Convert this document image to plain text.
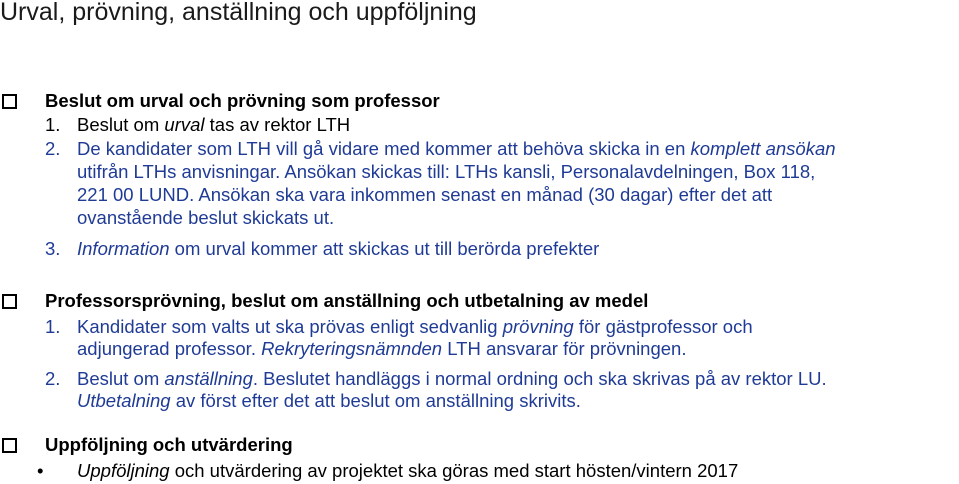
Urval, prövning, anställning och uppföljning
Beslut om urval och prövning som professor
1. Beslut om urval tas av rektor LTH
2. De kandidater som LTH vill gå vidare med kommer att behöva skicka in en komplett ansökan
utifrån LTHs anvisningar. Ansökan skickas till: LTHs kansli, Personalavdelningen, Box 118,
221 00 LUND. Ansökan ska vara inkommen senast en månad (30 dagar) efter det att
ovanstående beslut skickats ut.
3. Information om urval kommer att skickas ut till berörda prefekter
Professorsprövning, beslut om anställning och utbetalning av medel
1. Kandidater som valts ut ska prövas enligt sedvanlig prövning för gästprofessor och
adjungerad professor. Rekryteringsnämnden LTH ansvarar för prövningen.
2. Beslut om anställning. Beslutet handläggs i normal ordning och ska skrivas på av rektor LU.
Utbetalning av först efter det att beslut om anställning skrivits.
Uppföljning och utvärdering
• Uppföljning och utvärdering av projektet ska göras med start hösten/vintern 2017
